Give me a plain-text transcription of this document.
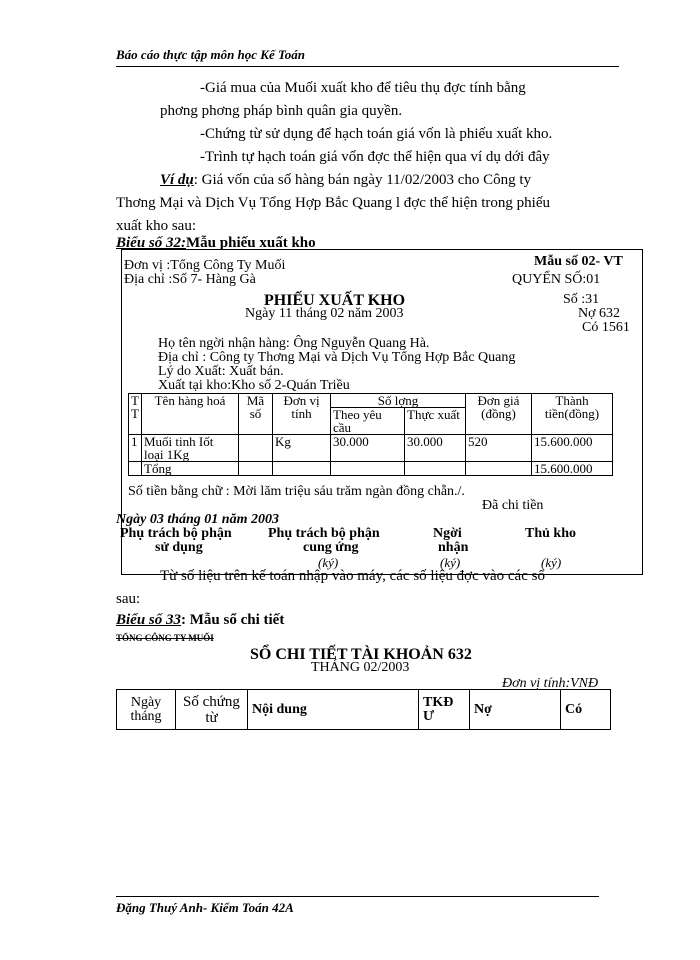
Báo cáo thực tập môn học Kế Toán
-Giá mua của Muối xuất kho để tiêu thụ đợc tính bằng
phơng phơng pháp bình quân gia quyền.
-Chứng từ sử dụng để hạch toán giá vốn là phiếu xuất kho.
-Trình tự hạch toán giá vốn đợc thể hiện qua ví dụ dới đây
Ví dụ: Giá vốn của số hàng bán ngày 11/02/2003 cho Công ty
Thơng Mại và Dịch Vụ Tổng Hợp Bắc Quang l đợc thể hiện trong phiếu
xuất kho sau:
Biểu số 32:Mẫu phiếu xuất kho
Đơn vị :Tổng Công Ty Muối
Địa chỉ :Số 7- Hàng Gà
Mẫu số 02- VT
QUYỂN SỐ:01
PHIẾU XUẤT KHO
Ngày 11 tháng 02 năm 2003
Số :31
Nợ 632
Có 1561
Họ tên ngời nhận hàng: Ông Nguyễn Quang Hà.
Địa chỉ : Công ty Thơng Mại và Dịch Vụ Tổng Hợp Bắc Quang
Lý do Xuất: Xuất bán.
Xuất tại kho:Kho số 2-Quán Triều
T T	Tên hàng hoá	Mã số	Đơn vị tính	Số lợng		Đơn giá (đồng)	Thành tiền(đồng)
				Theo yêu cầu	Thực xuất		
1	Muối tinh Iốt loại 1Kg		Kg	30.000	30.000	520	15.600.000
	Tổng						15.600.000
Số tiền bằng chữ : Mời lăm triệu sáu trăm ngàn đồng chẵn./.
Đã chi tiền
Ngày 03 tháng 01 năm 2003
Phụ trách bộ phận
sử dụng
Phụ trách bộ phận
cung ứng
(ký)
Ngời
nhận
(ký)
Thủ kho
(ký)
Từ số liệu trên kế toán nhập vào máy, các số liệu đợc vào các sổ
sau:
Biểu số 33: Mẫu sổ chi tiết
TỔNG CÔNG TY MUỐI
SỔ CHI TIẾT TÀI KHOẢN 632
THÁNG 02/2003
Đơn vị tính:VNĐ
Ngày tháng	Số chứng từ	Nội dung	TKĐ Ư	Nợ	Có
Đặng Thuý Anh- Kiểm Toán 42A
